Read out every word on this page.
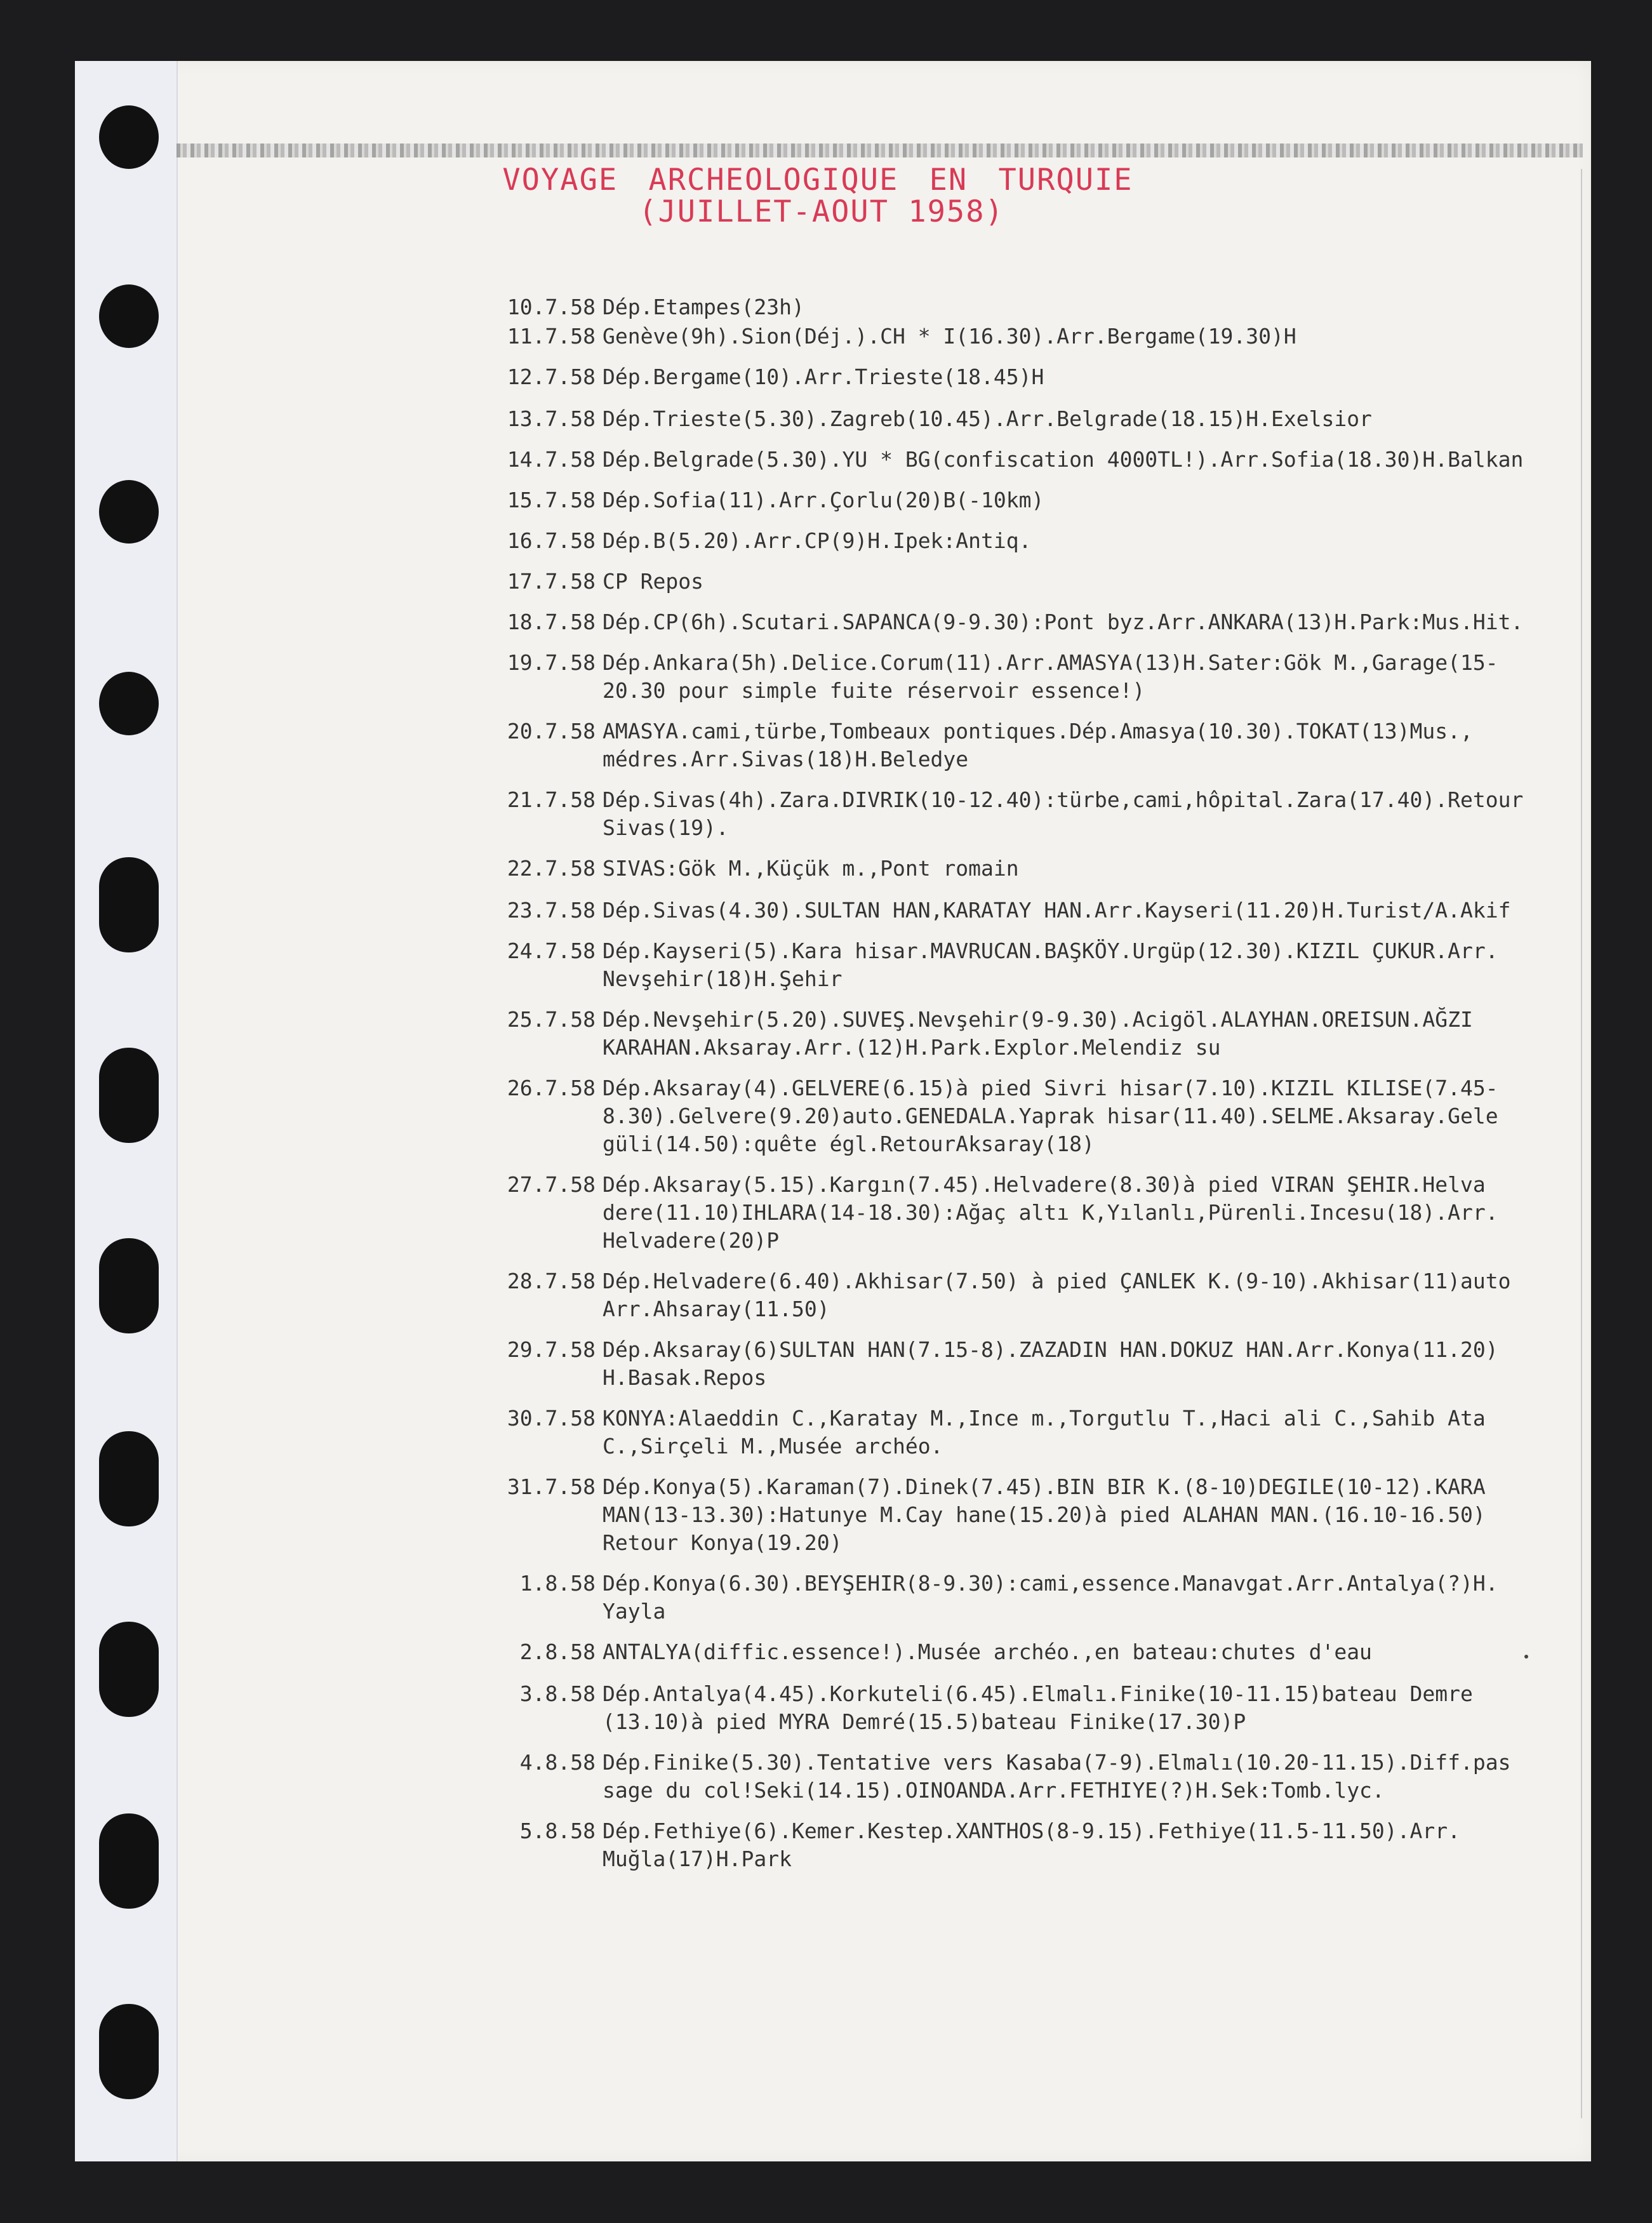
VOYAGE ARCHEOLOGIQUE EN TURQUIE
(JUILLET-AOUT 1958)
10.7.58 Dép.Etampes(23h)
11.7.58 Genève(9h).Sion(Déj.).CH * I(16.30).Arr.Bergame(19.30)H
12.7.58 Dép.Bergame(10).Arr.Trieste(18.45)H
13.7.58 Dép.Trieste(5.30).Zagreb(10.45).Arr.Belgrade(18.15)H.Exelsior
14.7.58 Dép.Belgrade(5.30).YU * BG(confiscation 4000TL!).Arr.Sofia(18.30)H.Balkan
15.7.58 Dép.Sofia(11).Arr.Çorlu(20)B(-10km)
16.7.58 Dép.B(5.20).Arr.CP(9)H.Ipek:Antiq.
17.7.58 CP Repos
18.7.58 Dép.CP(6h).Scutari.SAPANCA(9-9.30):Pont byz.Arr.ANKARA(13)H.Park:Mus.Hit.
19.7.58 Dép.Ankara(5h).Delice.Corum(11).Arr.AMASYA(13)H.Sater:Gök M.,Garage(15-
20.30 pour simple fuite réservoir essence!)
20.7.58 AMASYA.cami,türbe,Tombeaux pontiques.Dép.Amasya(10.30).TOKAT(13)Mus.,
médres.Arr.Sivas(18)H.Beledye
21.7.58 Dép.Sivas(4h).Zara.DIVRIK(10-12.40):türbe,cami,hôpital.Zara(17.40).Retour
Sivas(19).
22.7.58 SIVAS:Gök M.,Küçük m.,Pont romain
23.7.58 Dép.Sivas(4.30).SULTAN HAN,KARATAY HAN.Arr.Kayseri(11.20)H.Turist/A.Akif
24.7.58 Dép.Kayseri(5).Kara hisar.MAVRUCAN.BAŞKÖY.Urgüp(12.30).KIZIL ÇUKUR.Arr.
Nevşehir(18)H.Şehir
25.7.58 Dép.Nevşehir(5.20).SUVEŞ.Nevşehir(9-9.30).Acigöl.ALAYHAN.OREISUN.AĞZI
KARAHAN.Aksaray.Arr.(12)H.Park.Explor.Melendiz su
26.7.58 Dép.Aksaray(4).GELVERE(6.15)à pied Sivri hisar(7.10).KIZIL KILISE(7.45-
8.30).Gelvere(9.20)auto.GENEDALA.Yaprak hisar(11.40).SELME.Aksaray.Gele
güli(14.50):quête égl.RetourAksaray(18)
27.7.58 Dép.Aksaray(5.15).Kargın(7.45).Helvadere(8.30)à pied VIRAN ŞEHIR.Helva
dere(11.10)IHLARA(14-18.30):Ağaç altı K,Yılanlı,Pürenli.Incesu(18).Arr.
Helvadere(20)P
28.7.58 Dép.Helvadere(6.40).Akhisar(7.50) à pied ÇANLEK K.(9-10).Akhisar(11)auto
Arr.Ahsaray(11.50)
29.7.58 Dép.Aksaray(6)SULTAN HAN(7.15-8).ZAZADIN HAN.DOKUZ HAN.Arr.Konya(11.20)
H.Basak.Repos
30.7.58 KONYA:Alaeddin C.,Karatay M.,Ince m.,Torgutlu T.,Haci ali C.,Sahib Ata
C.,Sirçeli M.,Musée archéo.
31.7.58 Dép.Konya(5).Karaman(7).Dinek(7.45).BIN BIR K.(8-10)DEGILE(10-12).KARA
MAN(13-13.30):Hatunye M.Cay hane(15.20)à pied ALAHAN MAN.(16.10-16.50)
Retour Konya(19.20)
1.8.58 Dép.Konya(6.30).BEYŞEHIR(8-9.30):cami,essence.Manavgat.Arr.Antalya(?)H.
Yayla
2.8.58 ANTALYA(diffic.essence!).Musée archéo.,en bateau:chutes d'eau
3.8.58 Dép.Antalya(4.45).Korkuteli(6.45).Elmalı.Finike(10-11.15)bateau Demre
(13.10)à pied MYRA Demré(15.5)bateau Finike(17.30)P
4.8.58 Dép.Finike(5.30).Tentative vers Kasaba(7-9).Elmalı(10.20-11.15).Diff.pas
sage du col!Seki(14.15).OINOANDA.Arr.FETHIYE(?)H.Sek:Tomb.lyc.
5.8.58 Dép.Fethiye(6).Kemer.Kestep.XANTHOS(8-9.15).Fethiye(11.5-11.50).Arr.
Muğla(17)H.Park
